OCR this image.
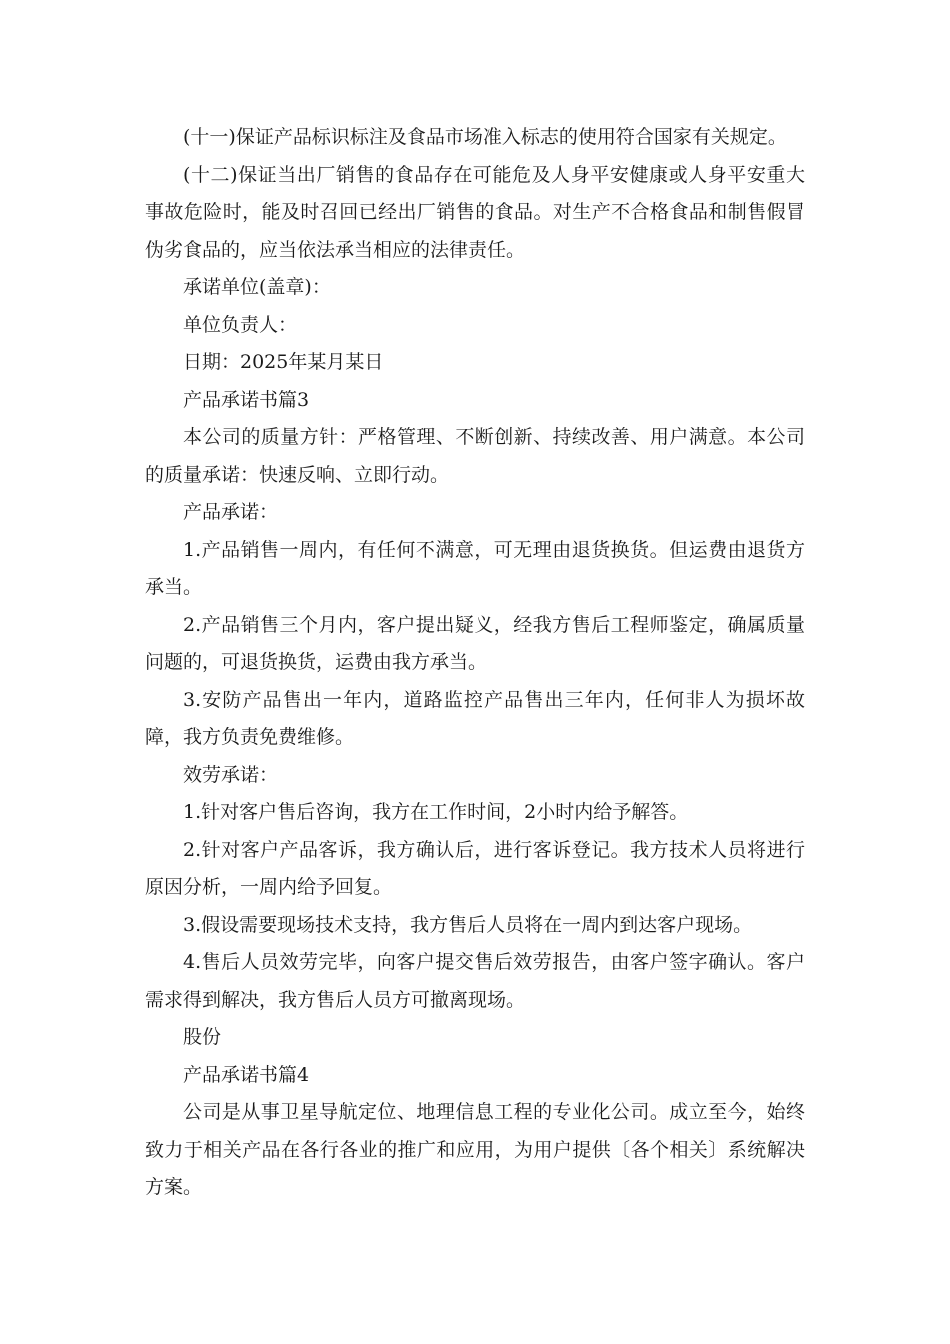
(十一)保证产品标识标注及食品市场准入标志的使用符合国家有关规定。

(十二)保证当出厂销售的食品存在可能危及人身平安健康或人身平安重大事故危险时，能及时召回已经出厂销售的食品。对生产不合格食品和制售假冒伪劣食品的，应当依法承当相应的法律责任。

承诺单位(盖章)：

单位负责人：

日期：2025年某月某日

产品承诺书篇3

本公司的质量方针：严格管理、不断创新、持续改善、用户满意。本公司的质量承诺：快速反响、立即行动。

产品承诺：

1.产品销售一周内，有任何不满意，可无理由退货换货。但运费由退货方承当。

2.产品销售三个月内，客户提出疑义，经我方售后工程师鉴定，确属质量问题的，可退货换货，运费由我方承当。

3.安防产品售出一年内，道路监控产品售出三年内，任何非人为损坏故障，我方负责免费维修。

效劳承诺：

1.针对客户售后咨询，我方在工作时间，2小时内给予解答。

2.针对客户产品客诉，我方确认后，进行客诉登记。我方技术人员将进行原因分析，一周内给予回复。

3.假设需要现场技术支持，我方售后人员将在一周内到达客户现场。

4.售后人员效劳完毕，向客户提交售后效劳报告，由客户签字确认。客户需求得到解决，我方售后人员方可撤离现场。

股份

产品承诺书篇4

公司是从事卫星导航定位、地理信息工程的专业化公司。成立至今，始终致力于相关产品在各行各业的推广和应用，为用户提供〔各个相关〕系统解决方案。
